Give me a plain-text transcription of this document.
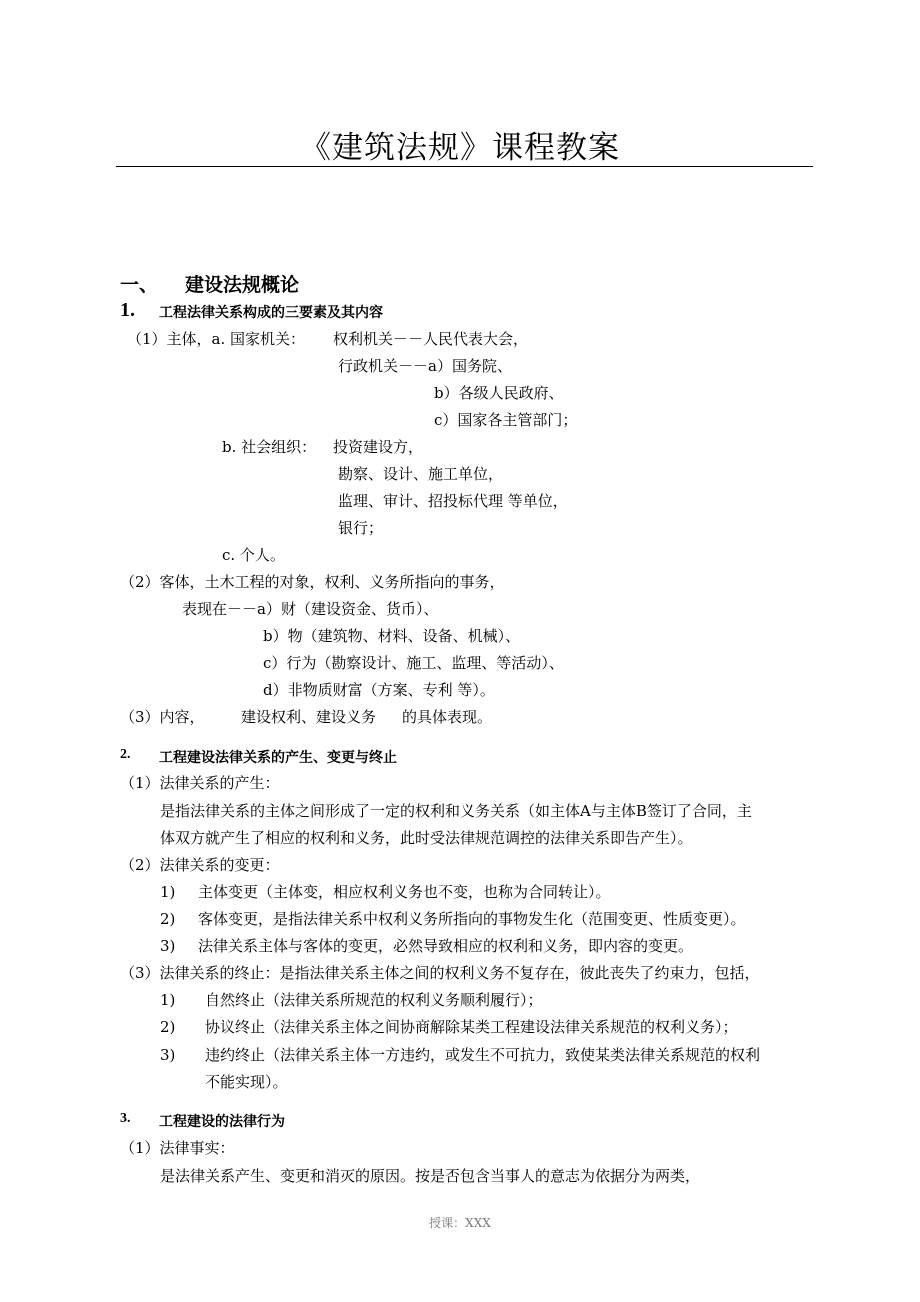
《建筑法规》课程教案
一、 建设法规概论
1. 工程法律关系构成的三要素及其内容
（1）主体，a. 国家机关： 权利机关－－人民代表大会，
行政机关－－a）国务院、
b）各级人民政府、
c）国家各主管部门；
b. 社会组织： 投资建设方，
勘察、设计、施工单位，
监理、审计、招投标代理 等单位，
银行；
c. 个人。
（2）客体，土木工程的对象，权利、义务所指向的事务，
表现在－－a）财（建设资金、货币）、
b）物（建筑物、材料、设备、机械）、
c）行为（勘察设计、施工、监理、等活动）、
d）非物质财富（方案、专利 等）。
（3）内容， 建设权利、建设义务 的具体表现。
2. 工程建设法律关系的产生、变更与终止
（1）法律关系的产生：
是指法律关系的主体之间形成了一定的权利和义务关系（如主体A与主体B签订了合同，主
体双方就产生了相应的权利和义务，此时受法律规范调控的法律关系即告产生）。
（2）法律关系的变更：
1) 主体变更（主体变，相应权利义务也不变，也称为合同转让）。
2) 客体变更，是指法律关系中权利义务所指向的事物发生化（范围变更、性质变更）。
3) 法律关系主体与客体的变更，必然导致相应的权利和义务，即内容的变更。
（3）法律关系的终止：是指法律关系主体之间的权利义务不复存在，彼此丧失了约束力，包括，
1) 自然终止（法律关系所规范的权利义务顺利履行）；
2) 协议终止（法律关系主体之间协商解除某类工程建设法律关系规范的权利义务）；
3) 违约终止（法律关系主体一方违约，或发生不可抗力，致使某类法律关系规范的权利
不能实现）。
3. 工程建设的法律行为
（1）法律事实：
是法律关系产生、变更和消灭的原因。按是否包含当事人的意志为依据分为两类，
授课：XXX
